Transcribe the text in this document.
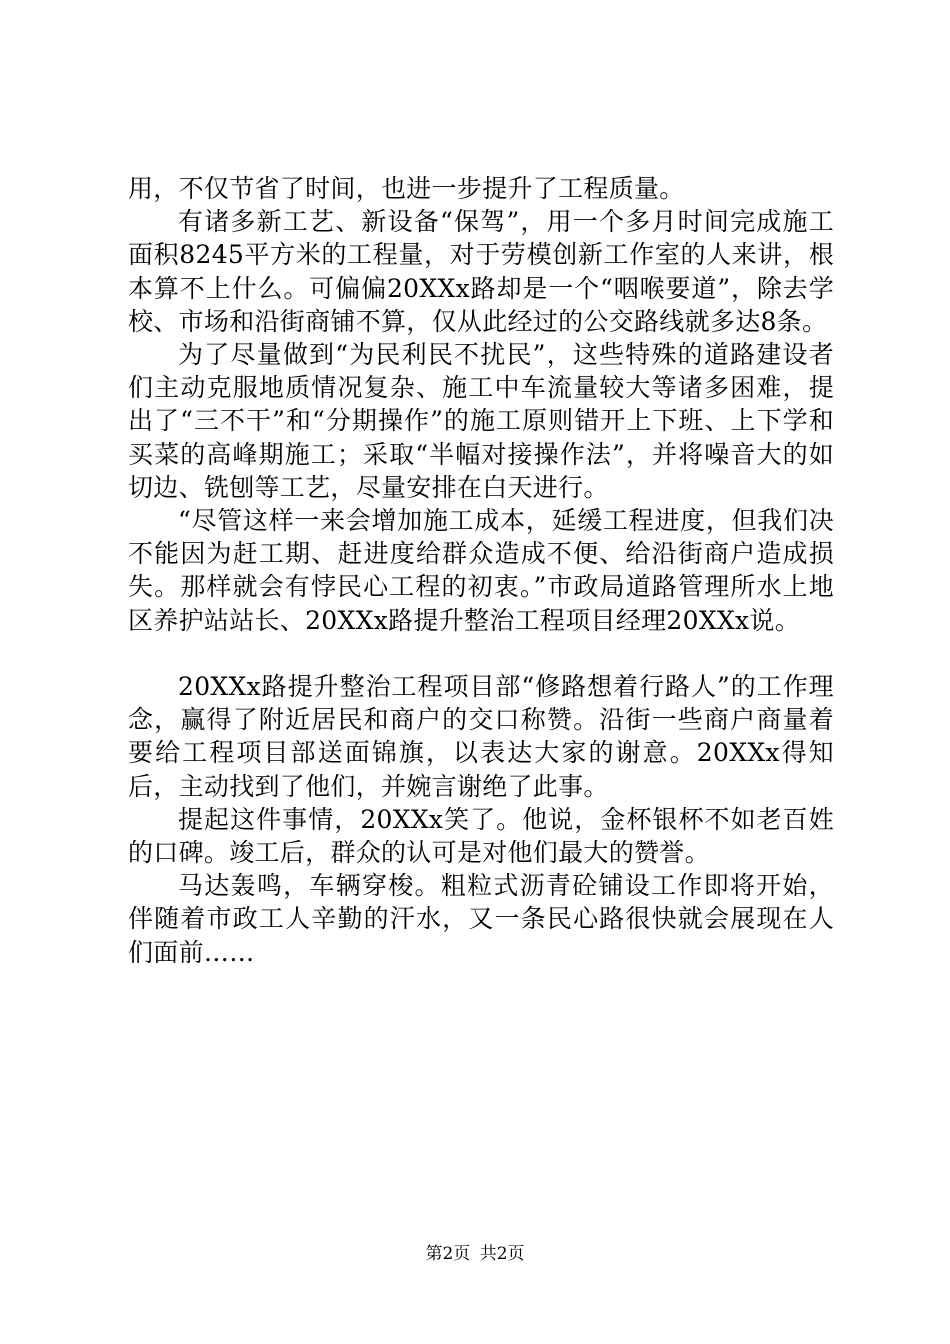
用，不仅节省了时间，也进一步提升了工程质量。

有诸多新工艺、新设备“保驾”，用一个多月时间完成施工面积8245平方米的工程量，对于劳模创新工作室的人来讲，根本算不上什么。可偏偏20XXx路却是一个“咽喉要道”，除去学校、市场和沿街商铺不算，仅从此经过的公交路线就多达8条。

为了尽量做到“为民利民不扰民”，这些特殊的道路建设者们主动克服地质情况复杂、施工中车流量较大等诸多困难，提出了“三不干”和“分期操作”的施工原则错开上下班、上下学和买菜的高峰期施工；采取“半幅对接操作法”，并将噪音大的如切边、铣刨等工艺，尽量安排在白天进行。

“尽管这样一来会增加施工成本，延缓工程进度，但我们决不能因为赶工期、赶进度给群众造成不便、给沿街商户造成损失。那样就会有悖民心工程的初衷。”市政局道路管理所水上地区养护站站长、20XXx路提升整治工程项目经理20XXx说。

20XXx路提升整治工程项目部“修路想着行路人”的工作理念，赢得了附近居民和商户的交口称赞。沿街一些商户商量着要给工程项目部送面锦旗，以表达大家的谢意。20XXx得知后，主动找到了他们，并婉言谢绝了此事。

提起这件事情，20XXx笑了。他说，金杯银杯不如老百姓的口碑。竣工后，群众的认可是对他们最大的赞誉。

马达轰鸣，车辆穿梭。粗粒式沥青砼铺设工作即将开始，伴随着市政工人辛勤的汗水，又一条民心路很快就会展现在人们面前……

第2页 共2页
